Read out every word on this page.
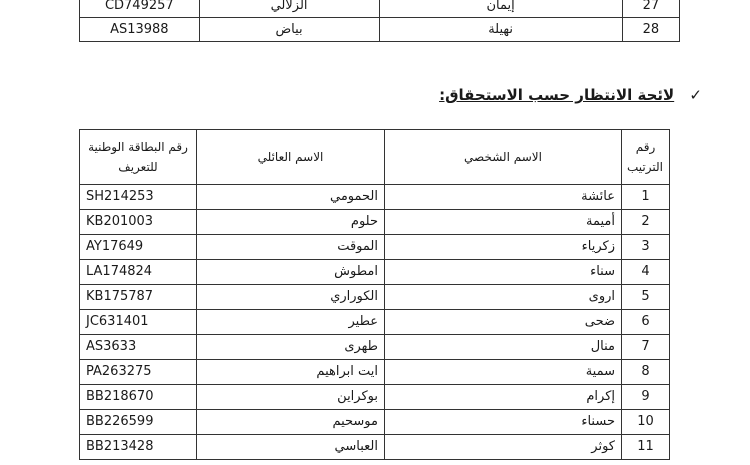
27	إيمان	الزلالي	CD749257
28	نهيلة	بياض	AS13988
✓ لائحة الانتظار حسب الاستحقاق:
رقم الترتيب	الاسم الشخصي	الاسم العائلي	رقم البطاقة الوطنية للتعريف
1	عائشة	الحمومي	SH214253
2	أميمة	حلوم	KB201003
3	زكرياء	الموقت	AY17649
4	سناء	امطوش	LA174824
5	اروى	الكوراري	KB175787
6	ضحى	عطير	JC631401
7	منال	طهرى	AS3633
8	سمية	ايت ابراهيم	PA263275
9	إكرام	بوكراين	BB218670
10	حسناء	موسحيم	BB226599
11	كوثر	العباسي	BB213428
